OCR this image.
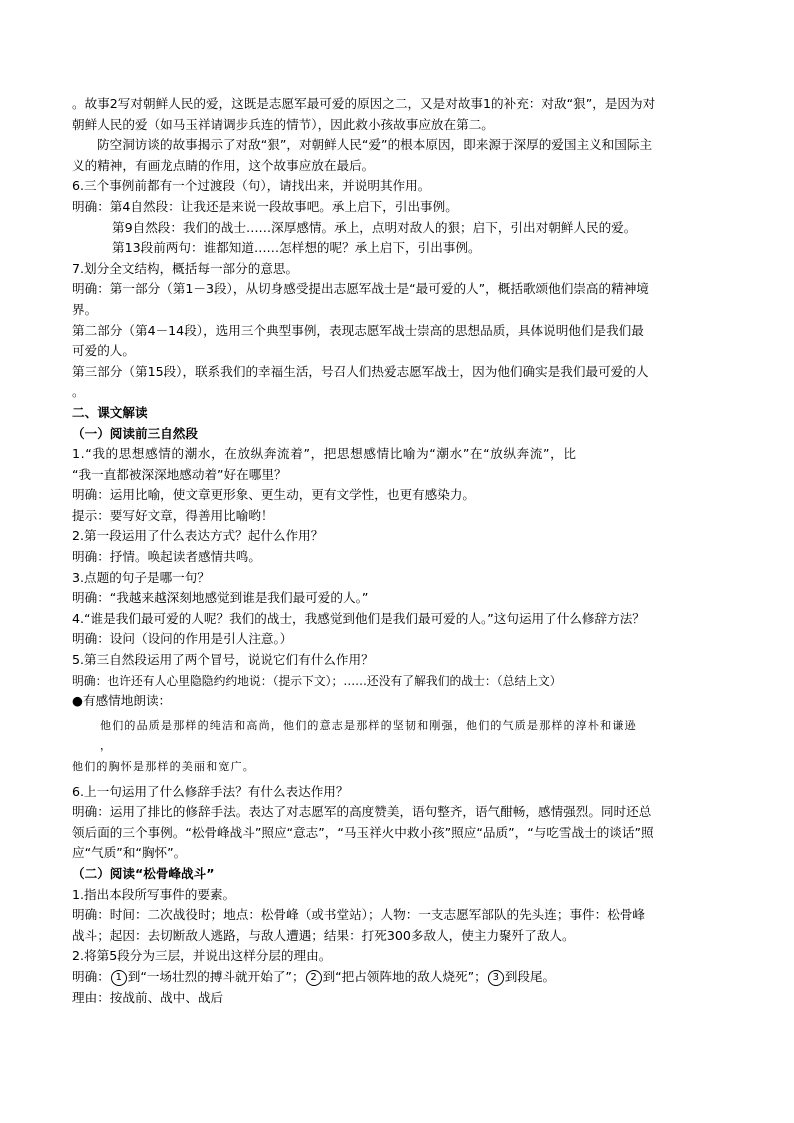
。故事2写对朝鲜人民的爱，这既是志愿军最可爱的原因之二，又是对故事1的补充：对敌“狠”，是因为对

朝鲜人民的爱（如马玉祥请调步兵连的情节），因此救小孩故事应放在第二。

防空洞访谈的故事揭示了对敌“狠”，对朝鲜人民“爱”的根本原因，即来源于深厚的爱国主义和国际主

义的精神，有画龙点睛的作用，这个故事应放在最后。

6.三个事例前都有一个过渡段（句），请找出来，并说明其作用。

明确：第4自然段：让我还是来说一段故事吧。承上启下，引出事例。

第9自然段：我们的战士……深厚感情。承上，点明对敌人的狠；启下，引出对朝鲜人民的爱。

第13段前两句：谁都知道……怎样想的呢？承上启下，引出事例。

7.划分全文结构，概括每一部分的意思。

明确：第一部分（第1－3段），从切身感受提出志愿军战士是“最可爱的人”，概括歌颂他们崇高的精神境

界。

第二部分（第4－14段），选用三个典型事例，表现志愿军战士崇高的思想品质，具体说明他们是我们最

可爱的人。

第三部分（第15段），联系我们的幸福生活，号召人们热爱志愿军战士，因为他们确实是我们最可爱的人

。

二、课文解读

（一）阅读前三自然段

1.“我的思想感情的潮水，在放纵奔流着”，把思想感情比喻为“潮水”在“放纵奔流”，比

“我一直都被深深地感动着”好在哪里？

明确：运用比喻，使文章更形象、更生动，更有文学性，也更有感染力。

提示：要写好文章，得善用比喻哟！

2.第一段运用了什么表达方式？起什么作用？

明确：抒情。唤起读者感情共鸣。

3.点题的句子是哪一句？

明确：“我越来越深刻地感觉到谁是我们最可爱的人。”

4.“谁是我们最可爱的人呢？我们的战士，我感觉到他们是我们最可爱的人。”这句运用了什么修辞方法？

明确：设问（设问的作用是引人注意。）

5.第三自然段运用了两个冒号，说说它们有什么作用？

明确：也许还有人心里隐隐约约地说：（提示下文）；……还没有了解我们的战士：（总结上文）

●有感情地朗读：

他们的品质是那样的纯洁和高尚，他们的意志是那样的坚韧和刚强，他们的气质是那样的淳朴和谦逊

，

他们的胸怀是那样的美丽和宽广。

6.上一句运用了什么修辞手法？有什么表达作用？

明确：运用了排比的修辞手法。表达了对志愿军的高度赞美，语句整齐，语气酣畅，感情强烈。同时还总

领后面的三个事例。“松骨峰战斗”照应“意志”，“马玉祥火中救小孩”照应“品质”，“与吃雪战士的谈话”照

应“气质”和“胸怀”。

（二）阅读“松骨峰战斗”

1.指出本段所写事件的要素。

明确：时间：二次战役时；地点：松骨峰（或书堂站）；人物：一支志愿军部队的先头连；事件：松骨峰

战斗；起因：去切断敌人逃路，与敌人遭遇；结果：打死300多敌人，使主力聚歼了敌人。

2.将第5段分为三层，并说出这样分层的理由。

明确： 1 到“一场壮烈的搏斗就开始了”； 2 到“把占领阵地的敌人烧死”； 3 到段尾。

理由：按战前、战中、战后
